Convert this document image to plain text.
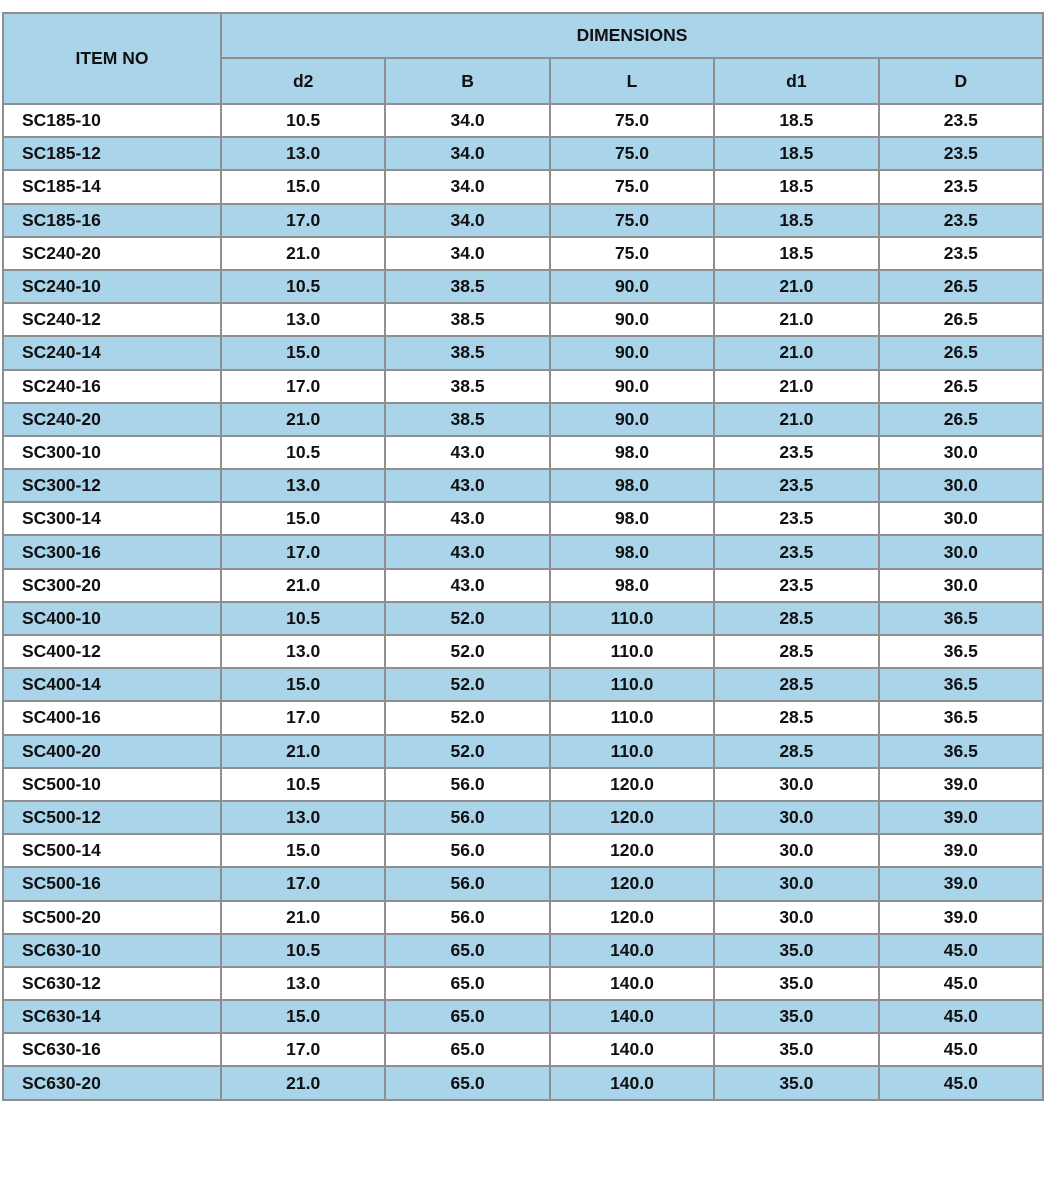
ITEM NO	DIMENSIONS				
	d2	B	L	d1	D
SC185-10	10.5	34.0	75.0	18.5	23.5
SC185-12	13.0	34.0	75.0	18.5	23.5
SC185-14	15.0	34.0	75.0	18.5	23.5
SC185-16	17.0	34.0	75.0	18.5	23.5
SC240-20	21.0	34.0	75.0	18.5	23.5
SC240-10	10.5	38.5	90.0	21.0	26.5
SC240-12	13.0	38.5	90.0	21.0	26.5
SC240-14	15.0	38.5	90.0	21.0	26.5
SC240-16	17.0	38.5	90.0	21.0	26.5
SC240-20	21.0	38.5	90.0	21.0	26.5
SC300-10	10.5	43.0	98.0	23.5	30.0
SC300-12	13.0	43.0	98.0	23.5	30.0
SC300-14	15.0	43.0	98.0	23.5	30.0
SC300-16	17.0	43.0	98.0	23.5	30.0
SC300-20	21.0	43.0	98.0	23.5	30.0
SC400-10	10.5	52.0	110.0	28.5	36.5
SC400-12	13.0	52.0	110.0	28.5	36.5
SC400-14	15.0	52.0	110.0	28.5	36.5
SC400-16	17.0	52.0	110.0	28.5	36.5
SC400-20	21.0	52.0	110.0	28.5	36.5
SC500-10	10.5	56.0	120.0	30.0	39.0
SC500-12	13.0	56.0	120.0	30.0	39.0
SC500-14	15.0	56.0	120.0	30.0	39.0
SC500-16	17.0	56.0	120.0	30.0	39.0
SC500-20	21.0	56.0	120.0	30.0	39.0
SC630-10	10.5	65.0	140.0	35.0	45.0
SC630-12	13.0	65.0	140.0	35.0	45.0
SC630-14	15.0	65.0	140.0	35.0	45.0
SC630-16	17.0	65.0	140.0	35.0	45.0
SC630-20	21.0	65.0	140.0	35.0	45.0
